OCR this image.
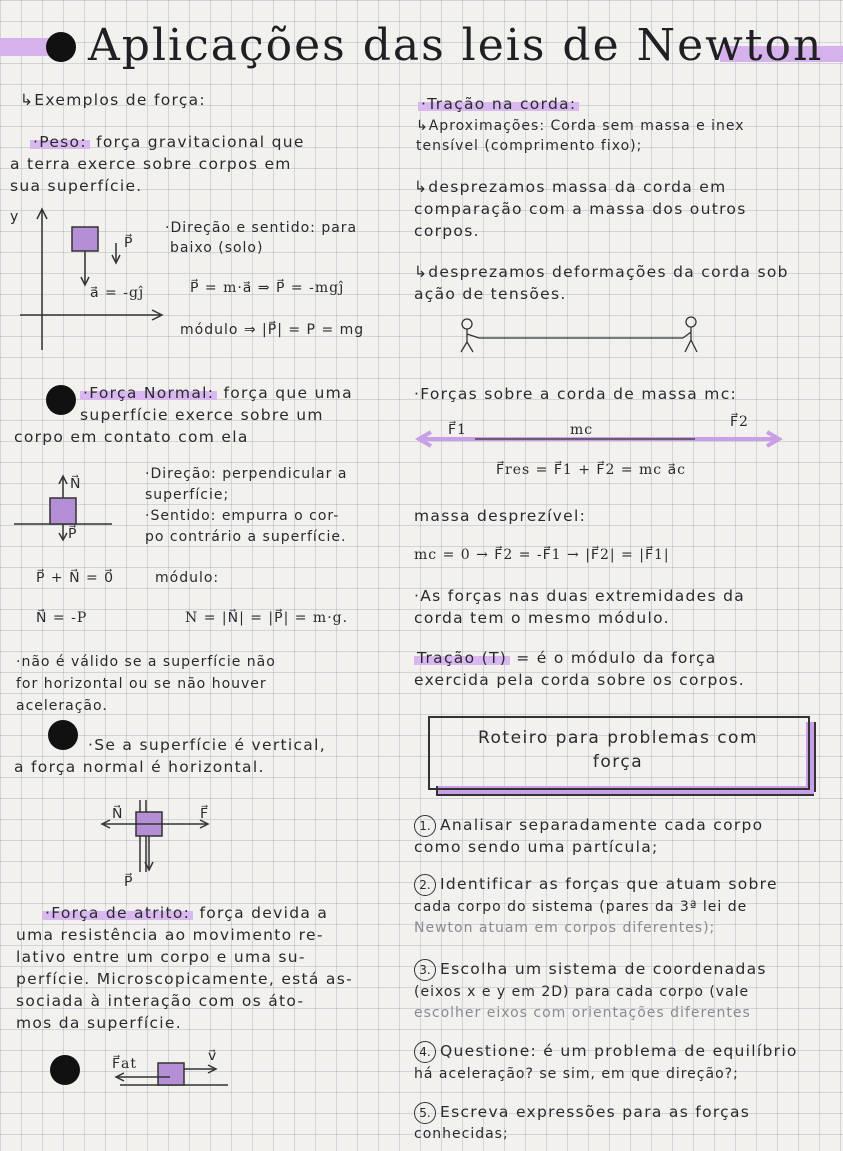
Aplicações das leis de Newton
↳Exemplos de força:
·Peso: força gravitacional que
a terra exerce sobre corpos em
sua superfície.
y
P⃗
a⃗ = -gĵ
·Direção e sentido: para
baixo (solo)
P⃗ = m·a⃗ ⇒ P⃗ = -mgĵ
módulo ⇒ |P⃗| = P = mg
·Força Normal: força que uma
superfície exerce sobre um
corpo em contato com ela
N⃗
P⃗
·Direção: perpendicular a
superfície;
·Sentido: empurra o cor-
po contrário a superfície.
P⃗ + N⃗ = 0⃗	módulo:
N⃗ = -P	N = |N⃗| = |P⃗| = m·g.
·não é válido se a superfície não
for horizontal ou se não houver
aceleração.
·Se a superfície é vertical,
a força normal é horizontal.
N⃗	F⃗
P⃗
·Força de atrito: força devida a
uma resistência ao movimento re-
lativo entre um corpo e uma su-
perfície. Microscopicamente, está as-
sociada à interação com os áto-
mos da superfície.
F⃗at	v⃗
·Tração na corda:
↳Aproximações: Corda sem massa e inex
tensível (comprimento fixo);
↳desprezamos massa da corda em
comparação com a massa dos outros
corpos.
↳desprezamos deformações da corda sob
ação de tensões.
·Forças sobre a corda de massa mc:
F⃗1	mc	F⃗2
F⃗res = F⃗1 + F⃗2 = mc a⃗c
massa desprezível:
mc = 0 → F⃗2 = -F⃗1 → |F⃗2| = |F⃗1|
·As forças nas duas extremidades da
corda tem o mesmo módulo.
Tração (T) = é o módulo da força
exercida pela corda sobre os corpos.
Roteiro para problemas com
força
1. Analisar separadamente cada corpo
como sendo uma partícula;
2. Identificar as forças que atuam sobre
cada corpo do sistema (pares da 3ª lei de
Newton atuam em corpos diferentes);
3. Escolha um sistema de coordenadas
(eixos x e y em 2D) para cada corpo (vale
escolher eixos com orientações diferentes
4. Questione: é um problema de equilíbrio
há aceleração? se sim, em que direção?;
5. Escreva expressões para as forças
conhecidas;
